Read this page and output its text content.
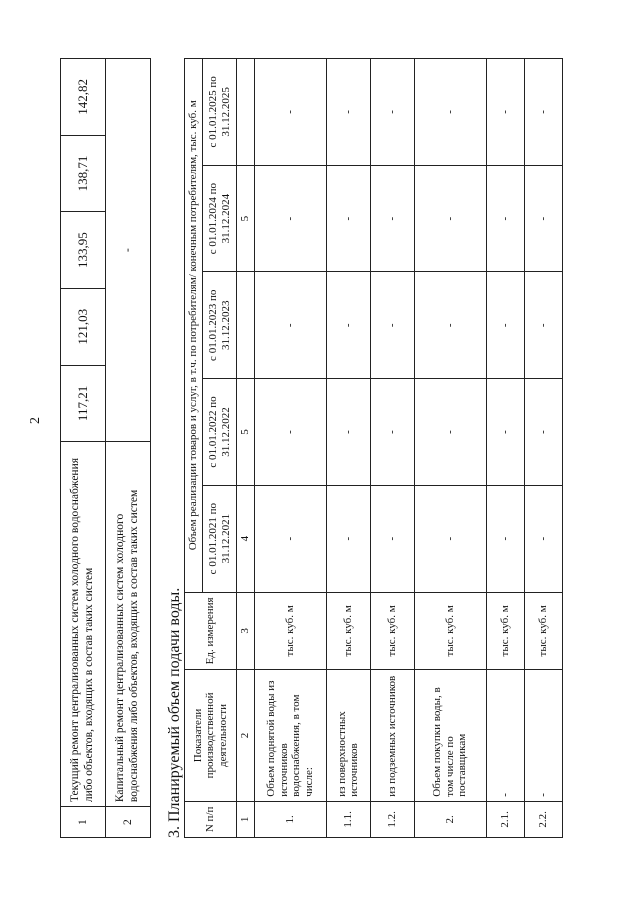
2
1	Текущий ремонт централизованных систем холодного водоснабжения либо объектов, входящих в состав таких систем	117,21	121,03	133,95	138,71	142,82
2	Капитальный ремонт централизованных систем холодного водоснабжения либо объектов, входящих в состав таких систем	-				
3. Планируемый объем подачи воды. N п/п	Показатели производственной деятельности	Ед. измерения	Объем реализации товаров и услуг, в т.ч. по потребителям/ конечным потребителям, тыс. куб. м				
			с 01.01.2021 по 31.12.2021	с 01.01.2022 по 31.12.2022	с 01.01.2023 по 31.12.2023	с 01.01.2024 по 31.12.2024	с 01.01.2025 по 31.12.2025
1	2	3	4	5		5	
1.	Объем поднятой воды из источников водоснабжения, в том числе:	тыс. куб. м	-	-	-	-	-
1.1.	из поверхностных источников	тыс. куб. м	-	-	-	-	-
1.2.	из подземных источников	тыс. куб. м	-	-	-	-	-
2.	Объем покупки воды, в том числе по поставщикам	тыс. куб. м	-	-	-	-	-
2.1.	-	тыс. куб. м	-	-	-	-	-
2.2.	-	тыс. куб. м	-	-	-	-	-
